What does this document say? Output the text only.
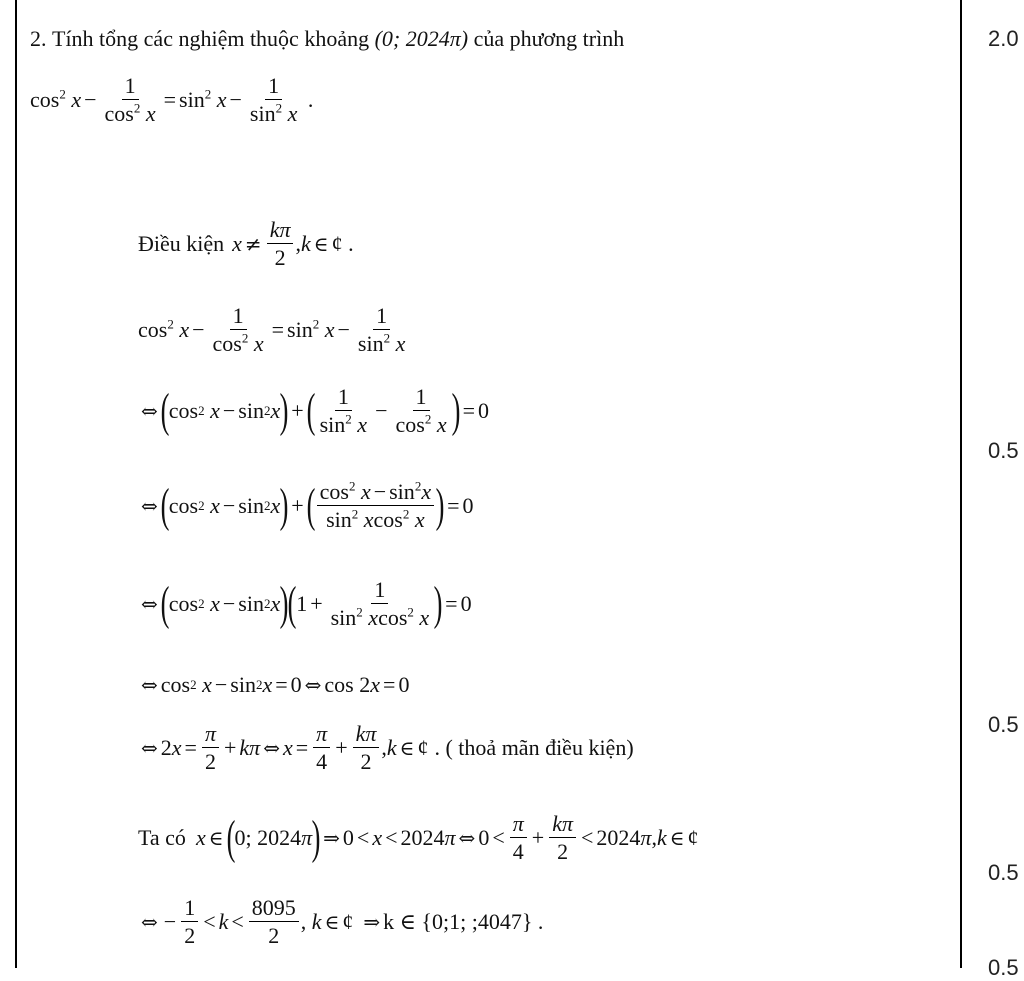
2.0
0.5
0.5
0.5
0.5
2.
Tính tổng các nghiệm thuộc khoảng
(0; 2024π)
của phương trình
$\cos^2$
$x - \frac{1}{\cos^2 x} = \sin^2$
$x - \frac{1}{\sin^2 x}$ .
Điều kiện $x \ne \frac{k\pi}{2}$ , k ∈ ¢ .
$\cos^2$
$x - \frac{1}{\cos^2 x} = \sin^2$
$x - \frac{1}{\sin^2 x}$
⇔ ( cos 2
x − sin 2 x ) + ( $\frac{1}{\sin^2 x} - \frac{1}{\cos^2 x}$ ) = 0
⇔ ( cos 2
x − sin 2 x ) + ( $\frac{\cos^2 x - \sin^2x}{\sin^2 xcos^2 x}$ ) = 0
⇔ ( cos 2
x − sin 2 x ) ( $1 + \frac{1}{\sin^2 xcos^2 x}$ ) = 0
⇔ cos 2
x − sin 2 x = 0 ⇔ cos 2 x = 0
⇔ 2 $x = \frac{\pi}{2} + k\pi$ ⇔ $x = \frac{\pi}{4} + \frac{k\pi}{2}$ , k ∈ ¢ . ( thoả mãn điều kiện)
Ta có x ∈ ( 0; 2024 π ) ⇒ 0 < x < 2024 π ⇔ $0 < \frac{\pi}{4} + \frac{k\pi}{2} < 2024$ π , k ∈ ¢
⇔ − $\frac{1}{2} < k < \frac{8095}{2}$ , k ∈ ¢ ⇒ k ∈ {0;1; ;4047} .
